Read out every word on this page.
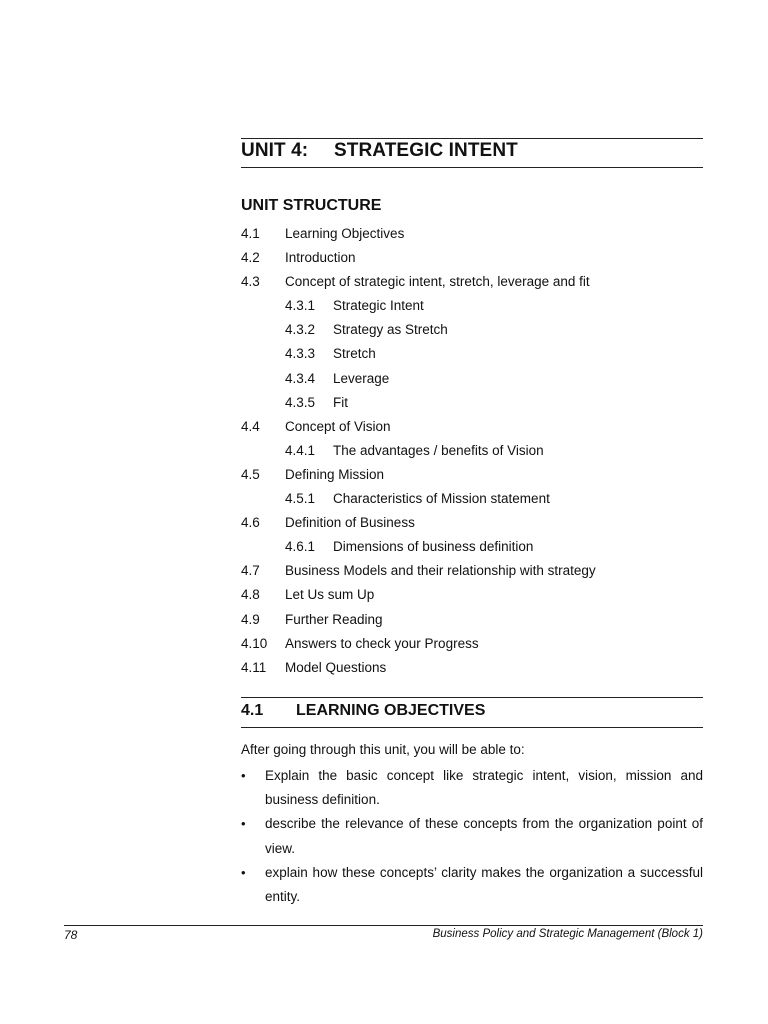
UNIT 4: STRATEGIC INTENT
UNIT STRUCTURE
4.1 Learning Objectives
4.2 Introduction
4.3 Concept of strategic intent, stretch, leverage and fit
4.3.1 Strategic Intent
4.3.2 Strategy as Stretch
4.3.3 Stretch
4.3.4 Leverage
4.3.5 Fit
4.4 Concept of Vision
4.4.1 The advantages / benefits of Vision
4.5 Defining Mission
4.5.1 Characteristics of Mission statement
4.6 Definition of Business
4.6.1 Dimensions of business definition
4.7 Business Models and their relationship with strategy
4.8 Let Us sum Up
4.9 Further Reading
4.10 Answers to check your Progress
4.11 Model Questions
4.1 LEARNING OBJECTIVES
After going through this unit, you will be able to:
• Explain the basic concept like strategic intent, vision, mission and business definition.
• describe the relevance of these concepts from the organization point of view.
• explain how these concepts’ clarity makes the organization a successful entity.
78	Business Policy and Strategic Management (Block 1)
